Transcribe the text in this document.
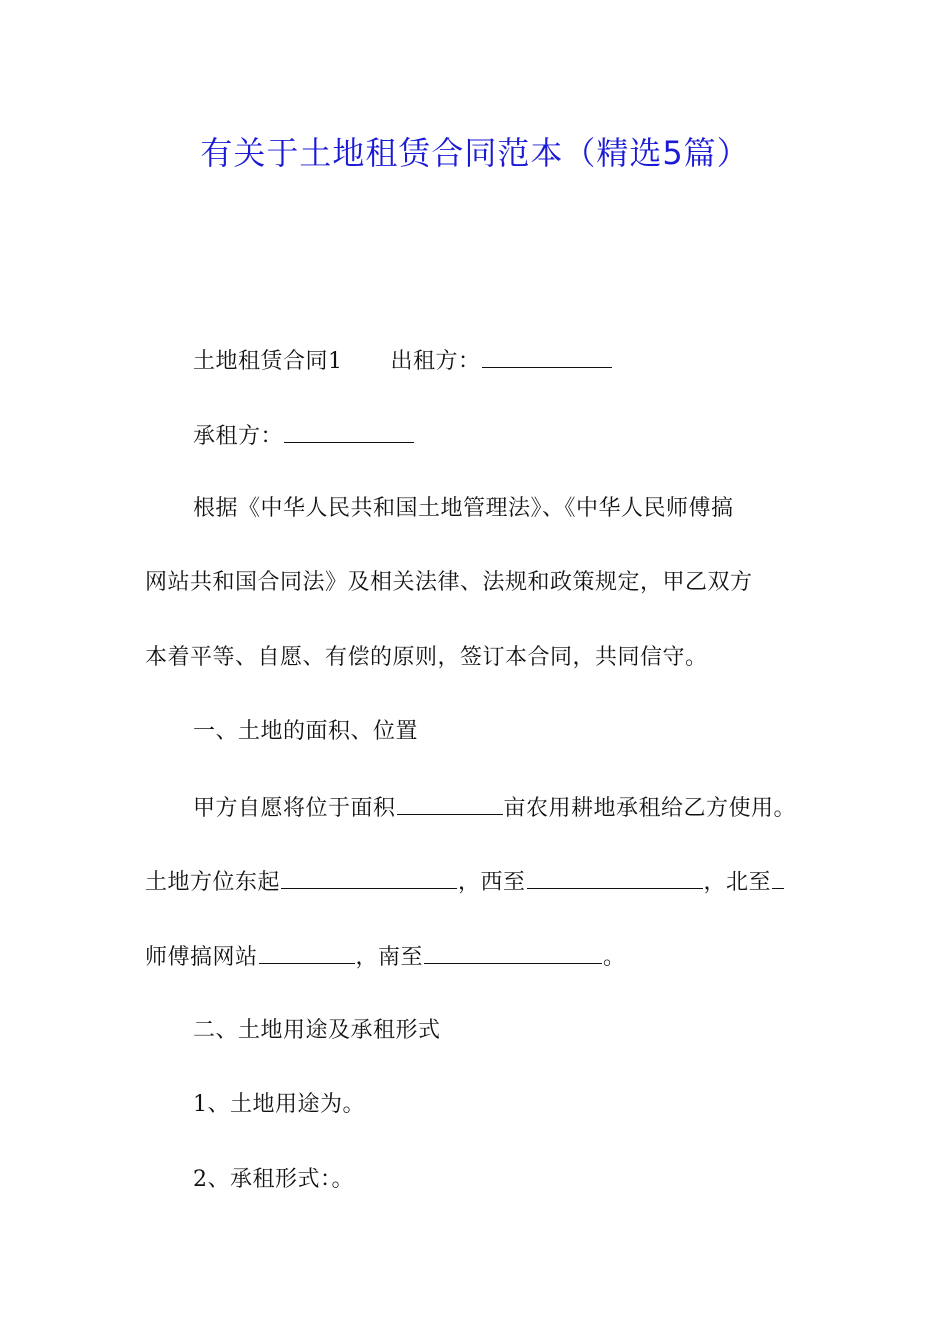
有关于土地租赁合同范本（精选5篇）
土地租赁合同1 出租方：
承租方：
根据《中华人民共和国土地管理法》、《中华人民师傅搞
网站共和国合同法》及相关法律、法规和政策规定，甲乙双方
本着平等、自愿、有偿的原则，签订本合同，共同信守。
一、土地的面积、位置
甲方自愿将位于面积	亩农用耕地承租给乙方使用。
土地方位东起	，西至	，北至
师傅搞网站	，南至	。
二、土地用途及承租形式
1、土地用途为。
2、承租形式：。
